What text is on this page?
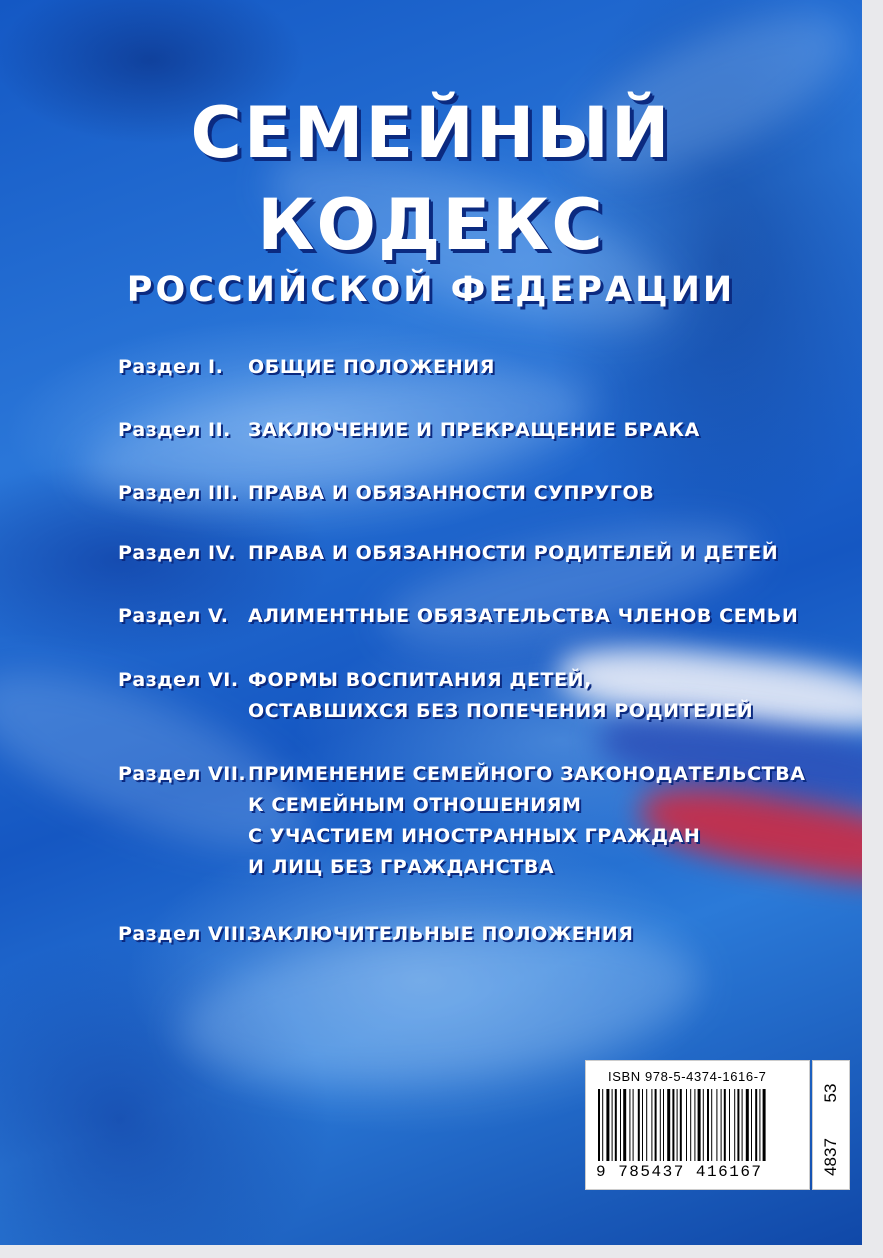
СЕМЕЙНЫЙ
КОДЕКС
РОССИЙСКОЙ ФЕДЕРАЦИИ
Раздел I. ОБЩИЕ ПОЛОЖЕНИЯ
Раздел II. ЗАКЛЮЧЕНИЕ И ПРЕКРАЩЕНИЕ БРАКА
Раздел III. ПРАВА И ОБЯЗАННОСТИ СУПРУГОВ
Раздел IV. ПРАВА И ОБЯЗАННОСТИ РОДИТЕЛЕЙ И ДЕТЕЙ
Раздел V. АЛИМЕНТНЫЕ ОБЯЗАТЕЛЬСТВА ЧЛЕНОВ СЕМЬИ
Раздел VI. ФОРМЫ ВОСПИТАНИЯ ДЕТЕЙ,
ОСТАВШИХСЯ БЕЗ ПОПЕЧЕНИЯ РОДИТЕЛЕЙ
Раздел VII. ПРИМЕНЕНИЕ СЕМЕЙНОГО ЗАКОНОДАТЕЛЬСТВА
К СЕМЕЙНЫМ ОТНОШЕНИЯМ
С УЧАСТИЕМ ИНОСТРАННЫХ ГРАЖДАН
И ЛИЦ БЕЗ ГРАЖДАНСТВА
Раздел VIII.
ЗАКЛЮЧИТЕЛЬНЫЕ ПОЛОЖЕНИЯ
ISBN 978-5-4374-1616-7
9 785437 416167
53
4837
